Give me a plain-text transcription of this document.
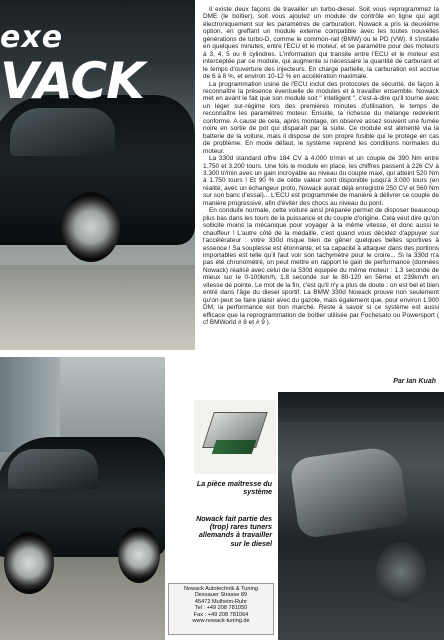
exe
VACK

Il existe deux façons de travailler un turbo-diesel. Soit vous reprogrammez la DME (le boîtier), soit vous ajoutez un module de contrôle en ligne qui agit électroniquement sur les paramètres de carburation. Nowack a pris la deuxième option, en greffant un module externe compatible avec les toutes nouvelles générations de turbo-D, comme le common-rail (BMW) ou le PD (VW). Il s'installe en quelques minutes, entre l'ECU et le moteur, et se paramètre pour des moteurs à 3, 4, 5 ou 6 cylindres. L'information qui transite entre l'ECU et le moteur est interceptée par ce module, qui augmente si nécessaire la quantité de carburant et le temps d'ouverture des injecteurs. En charge partielle, la carburation est accrue de 6 à 8 %, et environ 10-12 % en accélération maximale.

La programmation usine de l'ECU inclut des protocoles de sécurité, de façon à reconnaître la présence éventuelle de modules et à travailler ensemble. Nowack met en avant le fait que son module soit " intelligent ", c'est-à-dire qu'il tourne avec un léger sur-régime lors des premières minutes d'utilisation, le temps de reconnaître les paramètres moteur. Ensuite, la richesse du mélange redevient conforme. A cause de cela, après montage, on observe assez souvent une fumée noire en sortie de pot qui disparaît par la suite. Ce module est alimenté via la batterie de la voiture, mais il dispose de son propre fusible qui le protège en cas de problème. En mode défaut, le système reprend les conditions normales du moteur.

La 330d standard offre 184 CV à 4.000 tr/min et un couple de 390 Nm entre 1.750 et 3.200 tours. Une fois le module en place, les chiffres passent à 226 CV à 3.300 tr/min avec un gain incroyable au niveau du couple maxi, qui atteint 520 Nm à 1.750 tours ! Et 90 % de cette valeur sont disponible jusqu'à 3.000 tours (en réalité, avec un échangeur proto, Nowack aurait déjà enregistré 250 CV et 560 Nm sur son banc d'essai)... L'ECU est programmée de manière à délivrer ce couple de manière progressive, afin d'éviter des chocs au niveau du pont.

En conduite normale, cette voiture ainsi préparée permet de disposer beaucoup plus bas dans les tours de la puissance et du couple d'origine. Cela veut dire qu'on sollicite moins la mécanique pour voyager à la même vitesse, et donc aussi le chauffeur ! L'autre côté de la médaille, c'est quand vous décidez d'appuyer sur l'accélérateur : votre 330d risque bien de gêner quelques belles sportives à essence ! Sa souplesse est étonnante, et sa capacité à attaquer dans des portions importables est telle qu'il faut voir son tachymètre pour le croire... Si la 330d n'a pas été chronométré, on peut mettre en rapport le gain de performance (données Nowack) réalisé avec celui de la 530d équipée du même moteur : 1.3 seconde de mieux sur le 0-100km/h, 1.8 seconde sur le 80-120 en 5ème et 239km/h en vitesse de pointe. Le mot de la fin, c'est qu'il n'y a plus de doute : on est bel et bien entré dans l'âge du diesel sportif. La BMW 330d Nowack prouve non seulement qu'on peut se faire plaisir avec du gazole, mais également que, pour environ 1.900 DM, la performance est bon marché. Reste à savoir si ce système est aussi efficace que la reprogrammation de boîtier utilisée par Fochesato ou Powersport ( cf BMWorld # 8 et # 9 ).

Par Ian Kuah
La pièce maîtresse du système
Nowack fait partie des (trop) rares tuners allemands à travailler sur le diesel
Nowack Autotechnik & Tuning
Dessauer Strasse 89
45472 Mulheim-Ruhr
Tel : +49 208 781050
Fax : +49 208 781064
www.nowack-tuning.de
